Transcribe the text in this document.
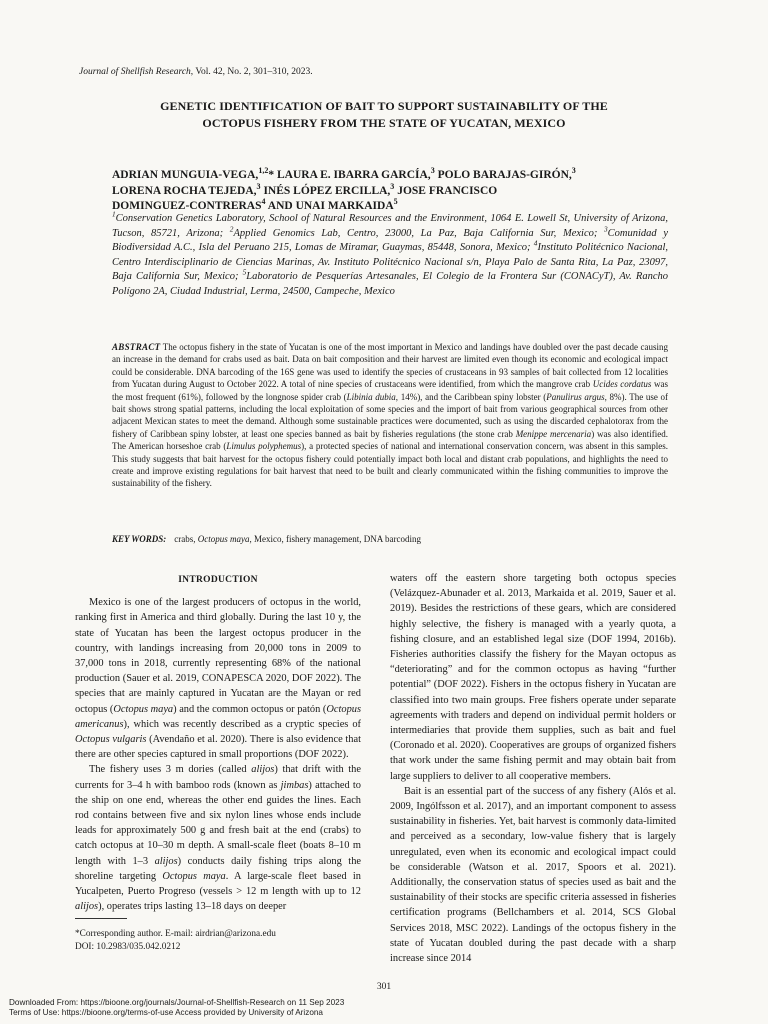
Journal of Shellfish Research, Vol. 42, No. 2, 301–310, 2023.
GENETIC IDENTIFICATION OF BAIT TO SUPPORT SUSTAINABILITY OF THE
OCTOPUS FISHERY FROM THE STATE OF YUCATAN, MEXICO
ADRIAN MUNGUIA-VEGA,$^{1,2}$* LAURA E. IBARRA GARCÍA,$^3$ POLO BARAJAS-GIRÓN,$^3$
LORENA ROCHA TEJEDA,$^3$ INÉS LÓPEZ ERCILLA,$^3$ JOSE FRANCISCO
DOMINGUEZ-CONTRERAS$^4$ AND UNAI MARKAIDA$^5$
$^1$Conservation Genetics Laboratory, School of Natural Resources and the Environment, 1064 E. Lowell St, University of Arizona, Tucson, 85721, Arizona; $^2$Applied Genomics Lab, Centro, 23000, La Paz, Baja California Sur, Mexico; $^3$Comunidad y Biodiversidad A.C., Isla del Peruano 215, Lomas de Miramar, Guaymas, 85448, Sonora, Mexico; $^4$Instituto Politécnico Nacional, Centro Interdisciplinario de Ciencias Marinas, Av. Instituto Politécnico Nacional s/n, Playa Palo de Santa Rita, La Paz, 23097, Baja California Sur, Mexico; $^5$Laboratorio de Pesquerías Artesanales, El Colegio de la Frontera Sur (CONACyT), Av. Rancho Polígono 2A, Ciudad Industrial, Lerma, 24500, Campeche, Mexico
ABSTRACT The octopus fishery in the state of Yucatan is one of the most important in Mexico and landings have doubled over the past decade causing an increase in the demand for crabs used as bait. Data on bait composition and their harvest are limited even though its economic and ecological impact could be considerable. DNA barcoding of the 16S gene was used to identify the species of crustaceans in 93 samples of bait collected from 12 localities from Yucatan during August to October 2022. A total of nine species of crustaceans were identified, from which the mangrove crab Ucides cordatus was the most frequent (61%), followed by the longnose spider crab (Libinia dubia, 14%), and the Caribbean spiny lobster (Panulirus argus, 8%). The use of bait shows strong spatial patterns, including the local exploitation of some species and the import of bait from various geographical sources from other adjacent Mexican states to meet the demand. Although some sustainable practices were documented, such as using the discarded cephalotorax from the fishery of Caribbean spiny lobster, at least one species banned as bait by fisheries regulations (the stone crab Menippe mercenaria) was also identified. The American horseshoe crab (Limulus polyphemus), a protected species of national and international conservation concern, was absent in this samples. This study suggests that bait harvest for the octopus fishery could potentially impact both local and distant crab populations, and highlights the need to create and improve existing regulations for bait harvest that need to be built and clearly communicated within the fishing communities to improve the sustainability of the fishery.
KEY WORDS: crabs, Octopus maya, Mexico, fishery management, DNA barcoding
INTRODUCTION

Mexico is one of the largest producers of octopus in the world, ranking first in America and third globally. During the last 10 y, the state of Yucatan has been the largest octopus producer in the country, with landings increasing from 20,000 tons in 2009 to 37,000 tons in 2018, currently representing 68% of the national production (Sauer et al. 2019, CONAPESCA 2020, DOF 2022). The species that are mainly captured in Yucatan are the Mayan or red octopus (Octopus maya) and the common octopus or patón (Octopus americanus), which was recently described as a cryptic species of Octopus vulgaris (Avendaño et al. 2020). There is also evidence that there are other species captured in small proportions (DOF 2022).

The fishery uses 3 m dories (called alijos) that drift with the currents for 3–4 h with bamboo rods (known as jimbas) attached to the ship on one end, whereas the other end guides the lines. Each rod contains between five and six nylon lines whose ends include leads for approximately 500 g and fresh bait at the end (crabs) to catch octopus at 10–30 m depth. A small-scale fleet (boats 8–10 m length with 1–3 alijos) conducts daily fishing trips along the shoreline targeting Octopus maya. A large-scale fleet based in Yucalpeten, Puerto Progreso (vessels > 12 m length with up to 12 alijos), operates trips lasting 13–18 days on deeper

waters off the eastern shore targeting both octopus species (Velázquez-Abunader et al. 2013, Markaida et al. 2019, Sauer et al. 2019). Besides the restrictions of these gears, which are considered highly selective, the fishery is managed with a yearly quota, a fishing closure, and an established legal size (DOF 1994, 2016b). Fisheries authorities classify the fishery for the Mayan octopus as “deteriorating” and for the common octopus as having “further potential” (DOF 2022). Fishers in the octopus fishery in Yucatan are classified into two main groups. Free fishers operate under separate agreements with traders and depend on individual permit holders or intermediaries that provide them supplies, such as bait and fuel (Coronado et al. 2020). Cooperatives are groups of organized fishers that work under the same fishing permit and may obtain bait from large suppliers to deliver to all cooperative members.

Bait is an essential part of the success of any fishery (Alós et al. 2009, Ingólfsson et al. 2017), and an important component to assess sustainability in fisheries. Yet, bait harvest is commonly data-limited and perceived as a secondary, low-value fishery that is largely unregulated, even when its economic and ecological impact could be considerable (Watson et al. 2017, Spoors et al. 2021). Additionally, the conservation status of species used as bait and the sustainability of their stocks are specific criteria assessed in fisheries certification programs (Bellchambers et al. 2014, SCS Global Services 2018, MSC 2022). Landings of the octopus fishery in the state of Yucatan doubled during the past decade with a sharp increase since 2014

*Corresponding author. E-mail: airdrian@arizona.edu
DOI: 10.2983/035.042.0212
301
Downloaded From: https://bioone.org/journals/Journal-of-Shellfish-Research on 11 Sep 2023
Terms of Use: https://bioone.org/terms-of-use Access provided by University of Arizona
